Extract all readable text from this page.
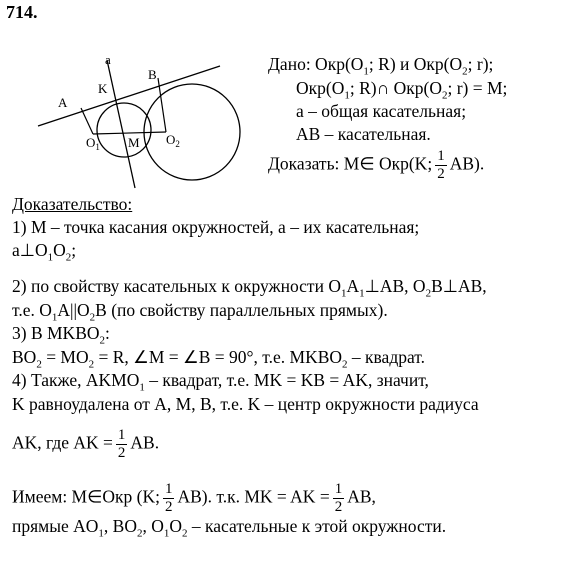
714.
a
K
B
A
$O_1$ M $O_2$
Дано: $Окр(O_1$; R) и $Окр(O_2$; r);
$Окр(O_1$; R)∩ $Окр(O_2$; r) = M;
a – общая касательная;
AB – касательная.
Доказать: M∈ Окр(K; $\frac{1}{2} AB$).
Доказательство:
1) M – точка касания окружностей, a – их касательная;
$a\perp O_1O_2$;
2) по свойству касательных к окружности $O_1A_1\perp AB$, $O_2B\perp AB$,
т.е. $O_1A||O_2B$ (по свойству параллельных прямых).
3) В $MKBO_2$:
$BO_2 = MO_2 = R$, ∠M = ∠B = 90°, т.е. $MKBO_2$ – квадрат.
4) Также, $AKMO_1$ – квадрат, т.е. MK = KB = AK, значит,
K равноудалена от A, M, B, т.е. K – центр окружности радиуса
AK, где AK = $\frac{1}{2}$ AB.
Имеем: M∈Окр (K; $\frac{1}{2} AB$). т.к. MK = AK = $\frac{1}{2}$ AB,
прямые $AO_1$, $BO_2$, $O_1O_2$ – касательные к этой окружности.
